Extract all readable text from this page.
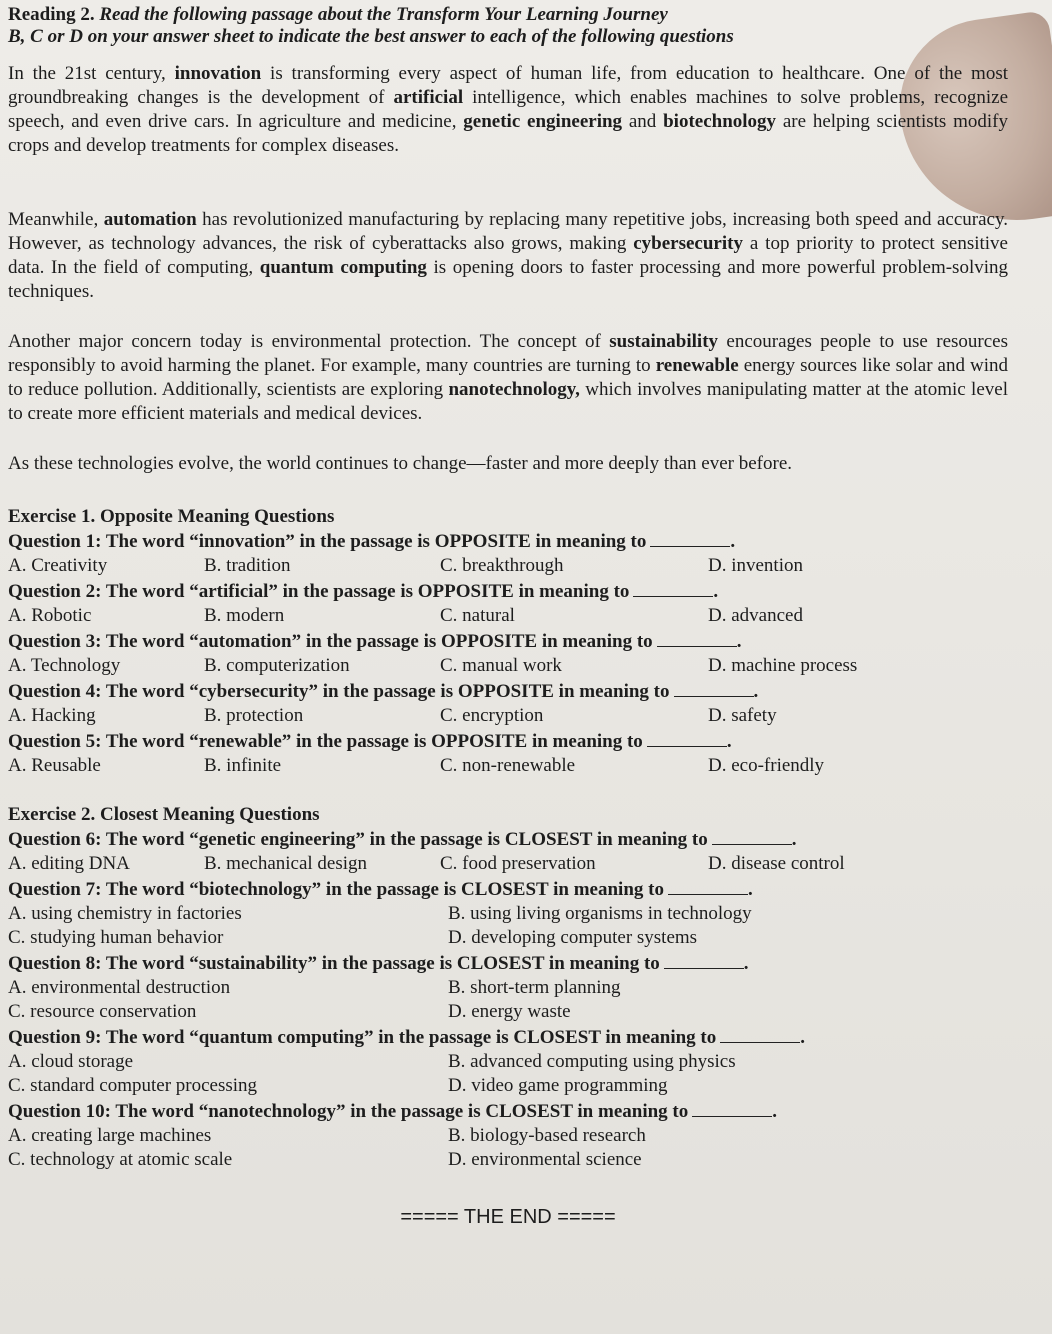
Reading 2. Read the following passage about the Transform Your Learning Journey
B, C or D on your answer sheet to indicate the best answer to each of the following questions

In the 21st century, innovation is transforming every aspect of human life, from education to healthcare. One of the most groundbreaking changes is the development of artificial intelligence, which enables machines to solve problems, recognize speech, and even drive cars. In agriculture and medicine, genetic engineering and biotechnology are helping scientists modify crops and develop treatments for complex diseases.

Meanwhile, automation has revolutionized manufacturing by replacing many repetitive jobs, increasing both speed and accuracy. However, as technology advances, the risk of cyberattacks also grows, making cybersecurity a top priority to protect sensitive data. In the field of computing, quantum computing is opening doors to faster processing and more powerful problem-solving techniques.

Another major concern today is environmental protection. The concept of sustainability encourages people to use resources responsibly to avoid harming the planet. For example, many countries are turning to renewable energy sources like solar and wind to reduce pollution. Additionally, scientists are exploring nanotechnology, which involves manipulating matter at the atomic level to create more efficient materials and medical devices.

As these technologies evolve, the world continues to change—faster and more deeply than ever before.

Exercise 1. Opposite Meaning Questions
Question 1: The word “innovation” in the passage is OPPOSITE in meaning to	.
A. Creativity	B. tradition	C. breakthrough	D. invention
Question 2: The word “artificial” in the passage is OPPOSITE in meaning to	.
A. Robotic	B. modern	C. natural	D. advanced
Question 3: The word “automation” in the passage is OPPOSITE in meaning to	.
A. Technology	B. computerization	C. manual work	D. machine process
Question 4: The word “cybersecurity” in the passage is OPPOSITE in meaning to	.
A. Hacking	B. protection	C. encryption	D. safety
Question 5: The word “renewable” in the passage is OPPOSITE in meaning to	.
A. Reusable	B. infinite	C. non-renewable	D. eco-friendly
Exercise 2. Closest Meaning Questions
Question 6: The word “genetic engineering” in the passage is CLOSEST in meaning to	.
A. editing DNA	B. mechanical design	C. food preservation	D. disease control
Question 7: The word “biotechnology” in the passage is CLOSEST in meaning to	.
A. using chemistry in factories	B. using living organisms in technology
C. studying human behavior	D. developing computer systems
Question 8: The word “sustainability” in the passage is CLOSEST in meaning to	.
A. environmental destruction	B. short-term planning
C. resource conservation	D. energy waste
Question 9: The word “quantum computing” in the passage is CLOSEST in meaning to	.
A. cloud storage	B. advanced computing using physics
C. standard computer processing	D. video game programming
Question 10: The word “nanotechnology” in the passage is CLOSEST in meaning to	.
A. creating large machines	B. biology-based research
C. technology at atomic scale	D. environmental science
===== THE END =====
